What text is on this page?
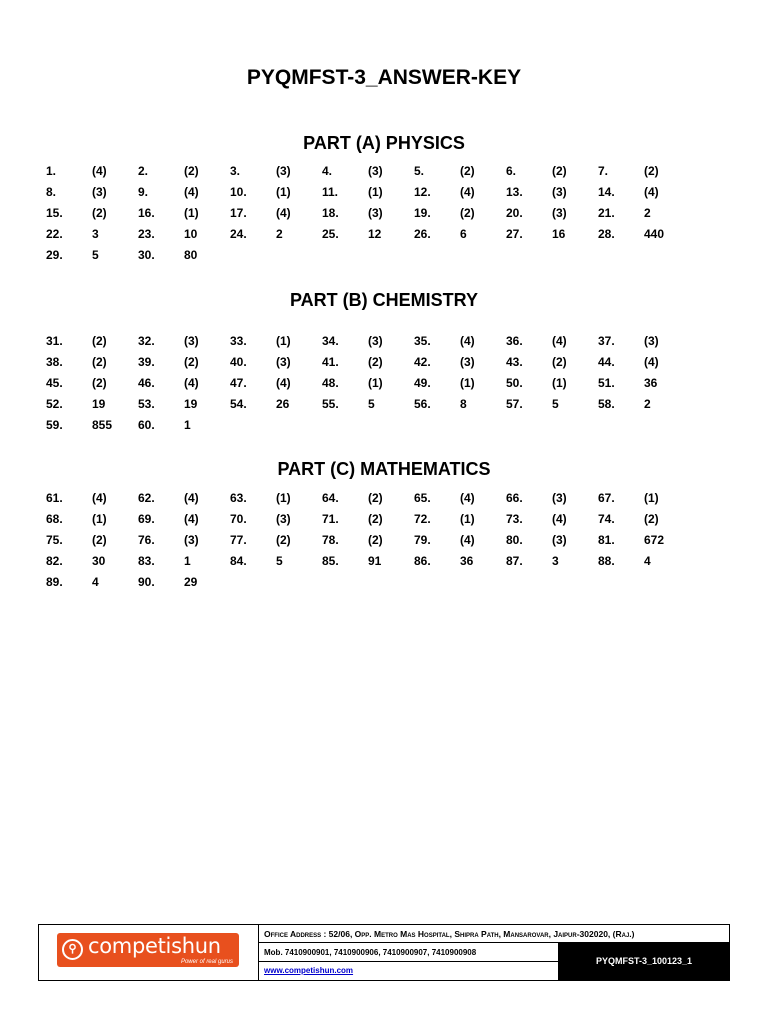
PYQMFST-3_ANSWER-KEY
PART (A) PHYSICS
1.	(4)	2.	(2)	3.	(3)	4.	(3)	5.	(2)	6.	(2)	7.	(2)
8.	(3)	9.	(4)	10.	(1)	11.	(1)	12.	(4)	13.	(3)	14.	(4)
15.	(2)	16.	(1)	17.	(4)	18.	(3)	19.	(2)	20.	(3)	21.	2
22.	3	23.	10	24.	2	25.	12	26.	6	27.	16	28.	440
29.	5	30.	80
PART (B) CHEMISTRY
31.	(2)	32.	(3)	33.	(1)	34.	(3)	35.	(4)	36.	(4)	37.	(3)
38.	(2)	39.	(2)	40.	(3)	41.	(2)	42.	(3)	43.	(2)	44.	(4)
45.	(2)	46.	(4)	47.	(4)	48.	(1)	49.	(1)	50.	(1)	51.	36
52.	19	53.	19	54.	26	55.	5	56.	8	57.	5	58.	2
59.	855	60.	1
PART (C) MATHEMATICS
61.	(4)	62.	(4)	63.	(1)	64.	(2)	65.	(4)	66.	(3)	67.	(1)
68.	(1)	69.	(4)	70.	(3)	71.	(2)	72.	(1)	73.	(4)	74.	(2)
75.	(2)	76.	(3)	77.	(2)	78.	(2)	79.	(4)	80.	(3)	81.	672
82.	30	83.	1	84.	5	85.	91	86.	36	87.	3	88.	4
89.	4	90.	29
⚲ competishun
Power of real gurus
Office Address : 52/06, Opp. Metro Mas Hospital, Shipra Path, Mansarovar, Jaipur-302020, (Raj.)
Mob. 7410900901, 7410900906, 7410900907, 7410900908
www.competishun.com
PYQMFST-3_100123_1
